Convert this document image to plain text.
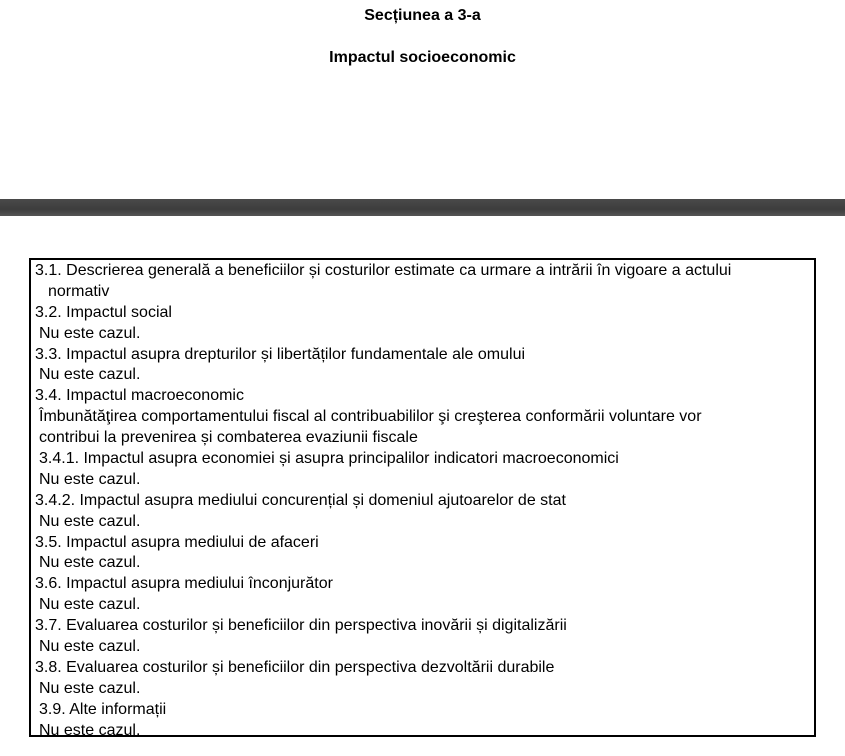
Secțiunea a 3-a
Impactul socioeconomic
3.1. Descrierea generală a beneficiilor și costurilor estimate ca urmare a intrării în vigoare a actului
normativ
3.2. Impactul social
Nu este cazul.
3.3. Impactul asupra drepturilor și libertăților fundamentale ale omului
Nu este cazul.
3.4. Impactul macroeconomic
Îmbunătăţirea comportamentului fiscal al contribuabililor şi creşterea conformării voluntare vor
contribui la prevenirea și combaterea evaziunii fiscale
3.4.1. Impactul asupra economiei și asupra principalilor indicatori macroeconomici
Nu este cazul.
3.4.2. Impactul asupra mediului concurențial și domeniul ajutoarelor de stat
Nu este cazul.
3.5. Impactul asupra mediului de afaceri
Nu este cazul.
3.6. Impactul asupra mediului înconjurător
Nu este cazul.
3.7. Evaluarea costurilor și beneficiilor din perspectiva inovării și digitalizării
Nu este cazul.
3.8. Evaluarea costurilor și beneficiilor din perspectiva dezvoltării durabile
Nu este cazul.
3.9. Alte informații
Nu este cazul.
